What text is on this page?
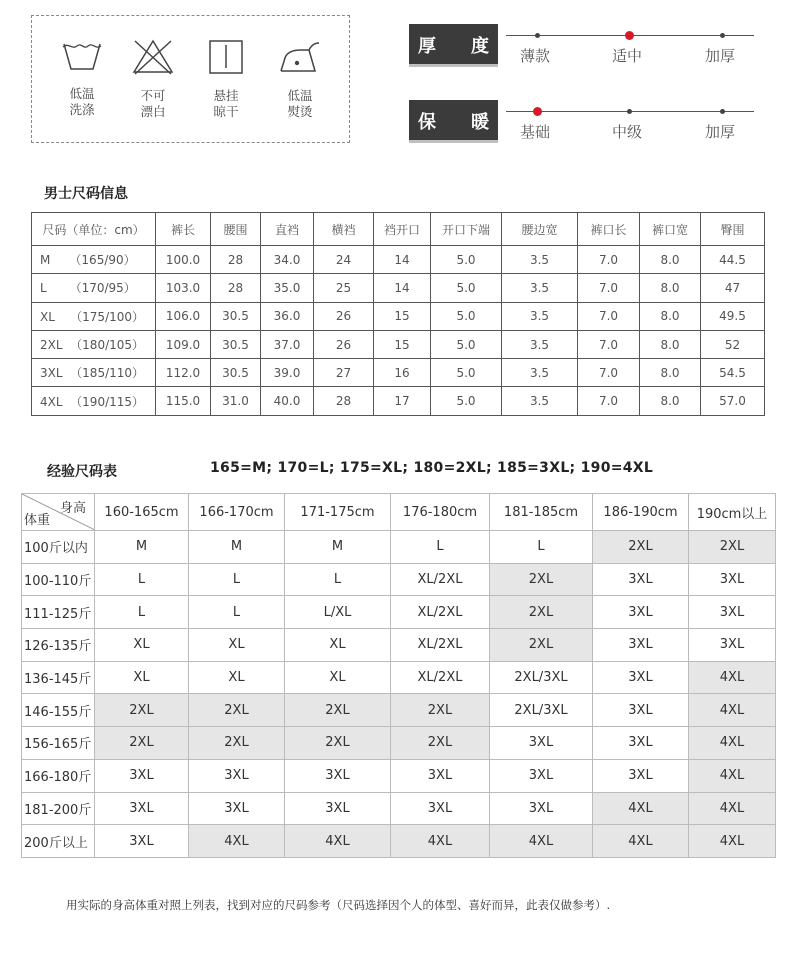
低温
洗涤
不可
漂白
悬挂
晾干
低温
熨烫
厚 度 薄款	适中	加厚
保 暖 基础	中级	加厚
男士尺码信息
尺码（单位：cm）	裤长	腰围	直裆	横裆	裆开口	开口下端	腰边宽	裤口长	裤口宽	臀围
M     （165/90）	100.0	28	34.0	24	14	5.0	3.5	7.0	8.0	44.5
L      （170/95）	103.0	28	35.0	25	14	5.0	3.5	7.0	8.0	47
XL    （175/100）	106.0	30.5	36.0	26	15	5.0	3.5	7.0	8.0	49.5
2XL  （180/105）	109.0	30.5	37.0	26	15	5.0	3.5	7.0	8.0	52
3XL  （185/110）	112.0	30.5	39.0	27	16	5.0	3.5	7.0	8.0	54.5
4XL  （190/115）	115.0	31.0	40.0	28	17	5.0	3.5	7.0	8.0	57.0
经验尺码表	165=M; 170=L; 175=XL; 180=2XL; 185=3XL; 190=4XL
身高
体重	160-165cm	166-170cm	171-175cm	176-180cm	181-185cm	186-190cm	190cm以上
100斤以内	M	M	M	L	L	2XL	2XL
100-110斤	L	L	L	XL/2XL	2XL	3XL	3XL
111-125斤	L	L	L/XL	XL/2XL	2XL	3XL	3XL
126-135斤	XL	XL	XL	XL/2XL	2XL	3XL	3XL
136-145斤	XL	XL	XL	XL/2XL	2XL/3XL	3XL	4XL
146-155斤	2XL	2XL	2XL	2XL	2XL/3XL	3XL	4XL
156-165斤	2XL	2XL	2XL	2XL	3XL	3XL	4XL
166-180斤	3XL	3XL	3XL	3XL	3XL	3XL	4XL
181-200斤	3XL	3XL	3XL	3XL	3XL	4XL	4XL
200斤以上	3XL	4XL	4XL	4XL	4XL	4XL	4XL
用实际的身高体重对照上列表，找到对应的尺码参考（尺码选择因个人的体型、喜好而异，此表仅做参考）.
